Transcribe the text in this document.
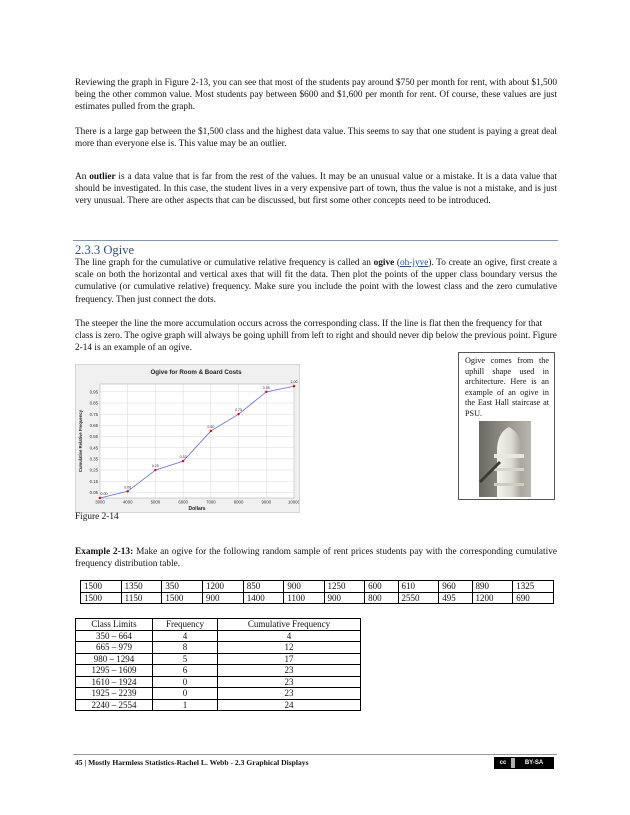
Reviewing the graph in Figure 2-13, you can see that most of the students pay around $750 per month for rent, with about $1,500 being the other common value. Most students pay between $600 and $1,600 per month for rent. Of course, these values are just estimates pulled from the graph.

There is a large gap between the $1,500 class and the highest data value. This seems to say that one student is paying a great deal more than everyone else is. This value may be an outlier.

An outlier is a data value that is far from the rest of the values. It may be an unusual value or a mistake. It is a data value that should be investigated. In this case, the student lives in a very expensive part of town, thus the value is not a mistake, and is just very unusual. There are other aspects that can be discussed, but first some other concepts need to be introduced.

2.3.3 Ogive

The line graph for the cumulative or cumulative relative frequency is called an ogive (oh-jyve). To create an ogive, first create a scale on both the horizontal and vertical axes that will fit the data. Then plot the points of the upper class boundary versus the cumulative (or cumulative relative) frequency. Make sure you include the point with the lowest class and the zero cumulative frequency. Then just connect the dots.

The steeper the line the more accumulation occurs across the corresponding class. If the line is flat then the frequency for that class is zero. The ogive graph will always be going uphill from left to right and should never dip below the previous point. Figure 2-14 is an example of an ogive.

Ogive for Room & Board Costs
0.05
0.15
0.25
0.35
0.45
0.55
0.65
0.75
0.85
0.95
3000	4000	5000	6000	7000	8000	9000	10000
Dollars
Cumulative Relative Frequency
0.00
0.06
0.25
0.33
0.60
0.75
0.95
1.00

Ogive comes from the uphill shape used in architecture. Here is an example of an ogive in the East Hall staircase at PSU.

Figure 2-14

Example 2-13: Make an ogive for the following random sample of rent prices students pay with the corresponding cumulative frequency distribution table.

1500	1350	350	1200	850	900	1250	600	610	960	890	1325
1500	1150	1500	900	1400	1100	900	800	2550	495	1200	690
Class Limits	Frequency	Cumulative Frequency
350 – 664	4	4
665 – 979	8	12
980 – 1294	5	17
1295 – 1609	6	23
1610 – 1924	0	23
1925 – 2239	0	23
2240 – 2554	1	24

45 | Mostly Harmless Statistics-Rachel L. Webb - 2.3 Graphical Displays	cc	BY-SA
